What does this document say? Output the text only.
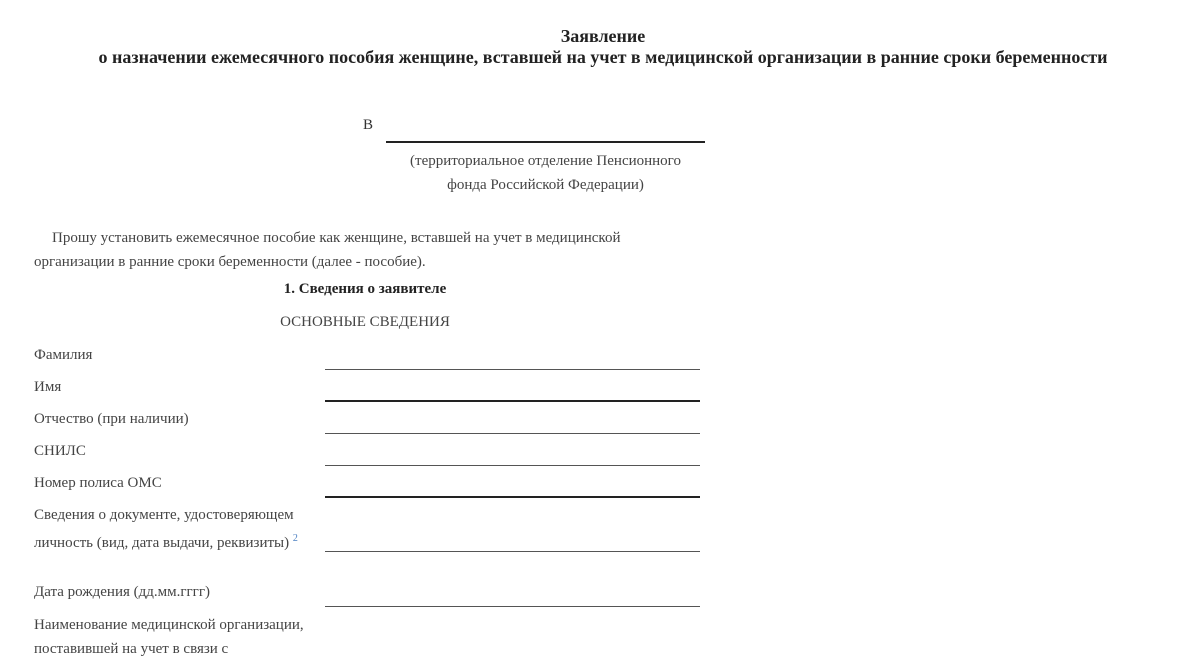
Заявление
о назначении ежемесячного пособия женщине, вставшей на учет в медицинской организации в ранние сроки беременности
В
(территориальное отделение Пенсионного
фонда Российской Федерации)
Прошу установить ежемесячное пособие как женщине, вставшей на учет в медицинской организации в ранние сроки беременности (далее - пособие).
1. Сведения о заявителе
ОСНОВНЫЕ СВЕДЕНИЯ
Фамилия
Имя
Отчество (при наличии)
СНИЛС
Номер полиса ОМС
Сведения о документе, удостоверяющем
личность (вид, дата выдачи, реквизиты) $^2$
Дата рождения (дд.мм.гггг)
Наименование медицинской организации,
поставившей на учет в связи с
